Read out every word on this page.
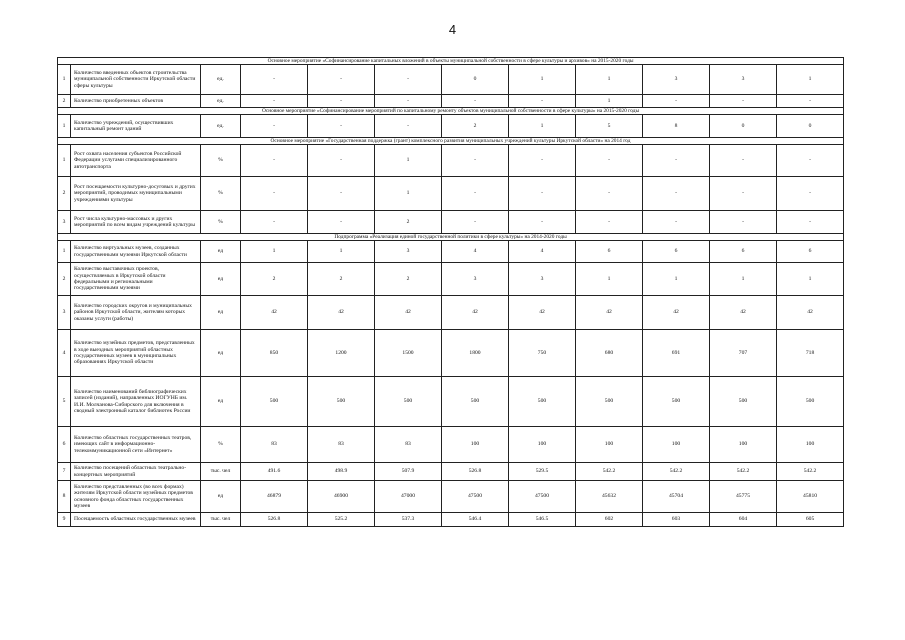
4
Основное мероприятие «Софинансирование капитальных вложений в объекты муниципальной собственности в сфере культуры и архивов» на 2015-2020 годы											
1	Количество введенных объектов строительства муниципальной собственности Иркутской области сферы культуры	ед.	-	-	-	0	1	1	3	3	1
2	Количество приобретенных объектов	ед.	-	-	-	-	-	1	-	-	-
Основное мероприятие «Софинансирование мероприятий по капитальному ремонту объектов муниципальной собственности в сфере культуры» на 2015-2020 годы											
1	Количество учреждений, осуществивших капитальный ремонт зданий	ед.	-	-	-	2	1	5	8	0	0
Основное мероприятие «Государственная поддержка (грант) комплексного развития муниципальных учреждений культуры Иркутской области» на 2014 год											
1	Рост охвата населения субъектов Российской Федерации услугами специализированного автотранспорта	%	-	-	1	-	-	-	-	-	-
2	Рост посещаемости культурно-досуговых и других мероприятий, проводимых муниципальными учреждениями культуры	%	-	-	1	-	-	-	-	-	-
3	Рост числа культурно-массовых и других мероприятий по всем видам учреждений культуры	%	-	-	2	-	-	-	-	-	-
Подпрограмма «Реализация единой государственной политики в сфере культуры» на 2014-2020 годы											
1	Количество виртуальных музеев, созданных государственными музеями Иркутской области	ед	1	1	3	4	4	6	6	6	6
2	Количество выставочных проектов, осуществляемых в Иркутской области федеральными и региональными государственными музеями	ед	2	2	2	3	3	1	1	1	1
3	Количество городских округов и муниципальных районов Иркутской области, жителям которых оказаны услуги (работы)	ед	42	42	42	42	42	42	42	42	42
4	Количество музейных предметов, представленных в ходе выездных мероприятий областных государственных музеев в муниципальных образованиях Иркутской области	ед	850	1200	1500	1800	750	680	691	707	718
5	Количество наименований библиографических записей (изданий), направленных ИОГУНБ им. И.И. Молчанова-Сибирского для включения в сводный электронный каталог библиотек России	ед	500	500	500	500	500	500	500	500	500
6	Количество областных государственных театров, имеющих сайт в информационно-телекоммуникационной сети «Интернет»	%	83	83	83	100	100	100	100	100	100
7	Количество посещений областных театрально-концертных мероприятий	тыс. чел	491.6	498.9	507.9	526.8	529.5	542.2	542.2	542.2	542.2
8	Количество представленных (во всех формах) жителям Иркутской области музейных предметов основного фонда областных государственных музеев	ед	46879	46900	47000	47500	47500	45632	45704	45775	45810
9	Посещаемость областных государственных музеев	тыс. чел	526.8	525.2	537.3	546.4	546.5	602	603	604	605
